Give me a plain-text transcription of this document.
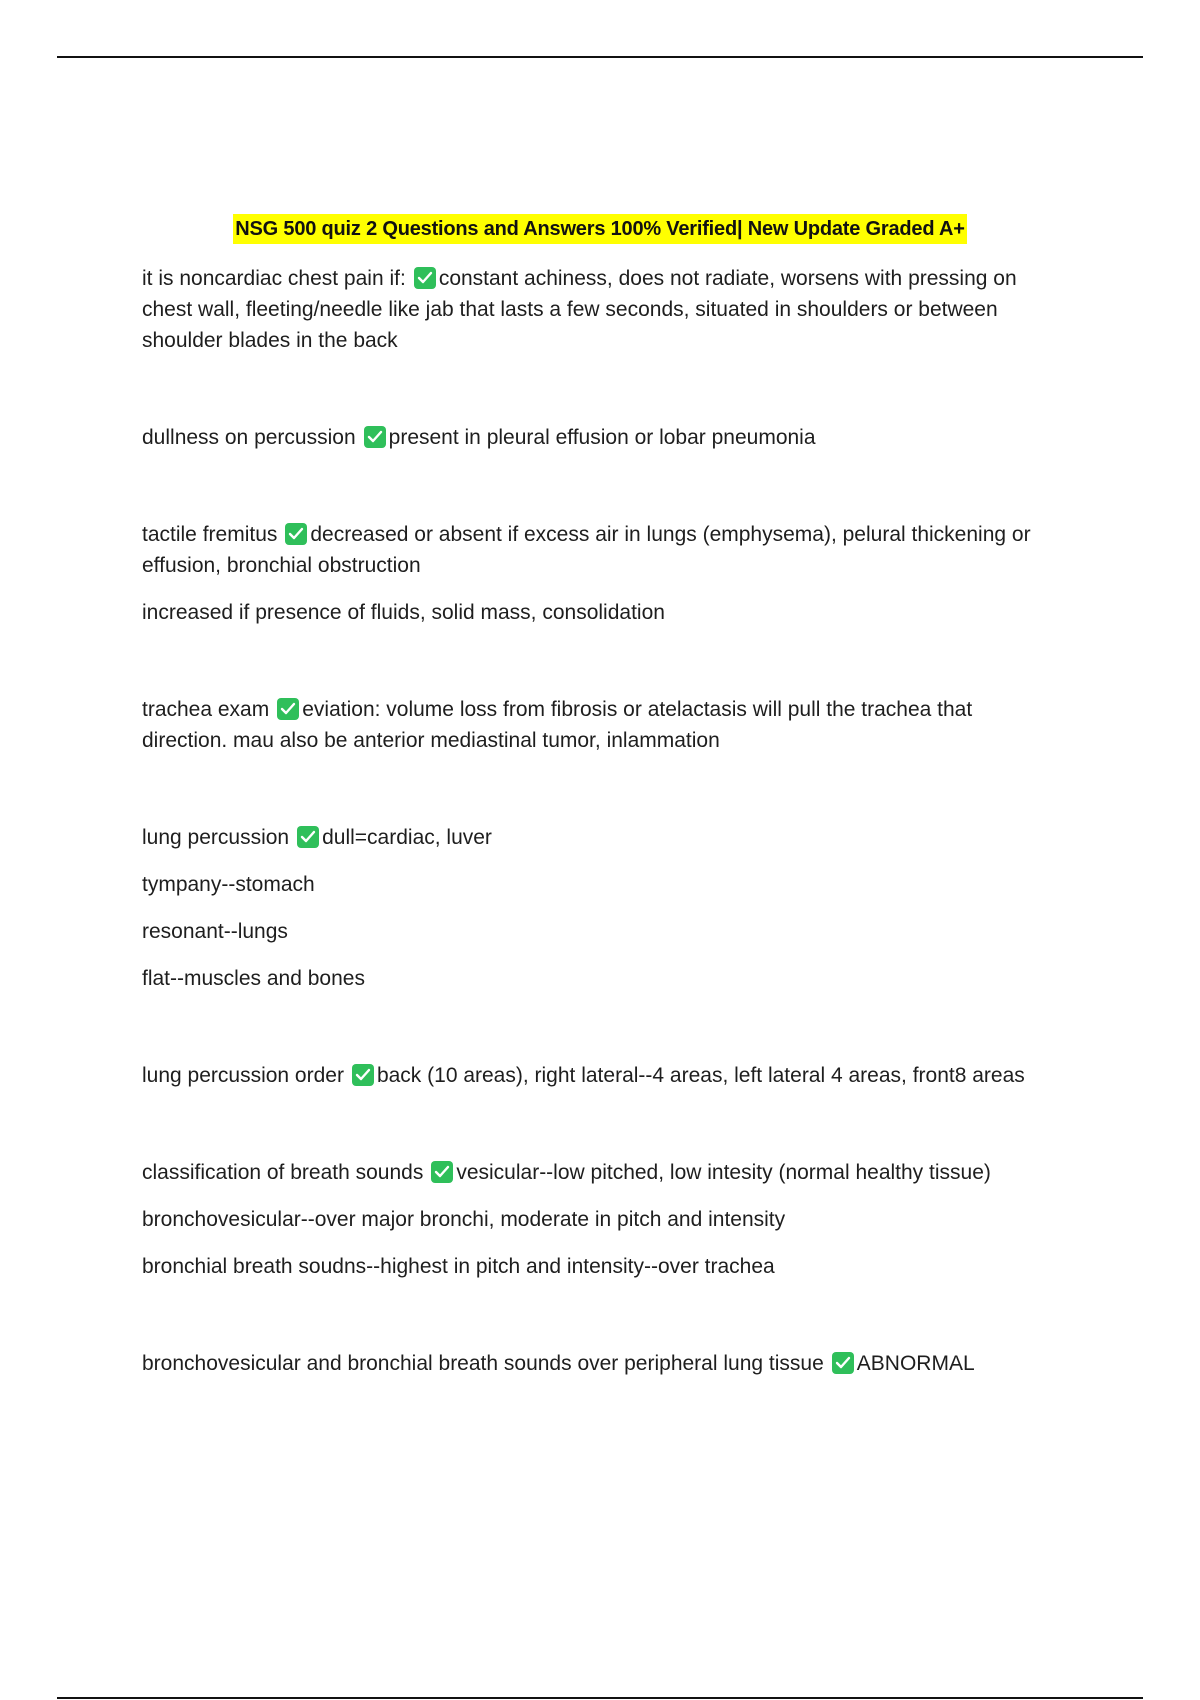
NSG 500 quiz 2 Questions and Answers 100% Verified| New Update Graded A+

it is noncardiac chest pain if: constant achiness, does not radiate, worsens with pressing on chest wall, fleeting/needle like jab that lasts a few seconds, situated in shoulders or between shoulder blades in the back

dullness on percussion present in pleural effusion or lobar pneumonia

tactile fremitus decreased or absent if excess air in lungs (emphysema), pelural thickening or effusion, bronchial obstruction

increased if presence of fluids, solid mass, consolidation

trachea exam eviation: volume loss from fibrosis or atelactasis will pull the trachea that direction. mau also be anterior mediastinal tumor, inlammation

lung percussion dull=cardiac, luver

tympany--stomach

resonant--lungs

flat--muscles and bones

lung percussion order back (10 areas), right lateral--4 areas, left lateral 4 areas, front8 areas

classification of breath sounds vesicular--low pitched, low intesity (normal healthy tissue)

bronchovesicular--over major bronchi, moderate in pitch and intensity

bronchial breath soudns--highest in pitch and intensity--over trachea

bronchovesicular and bronchial breath sounds over peripheral lung tissue ABNORMAL
